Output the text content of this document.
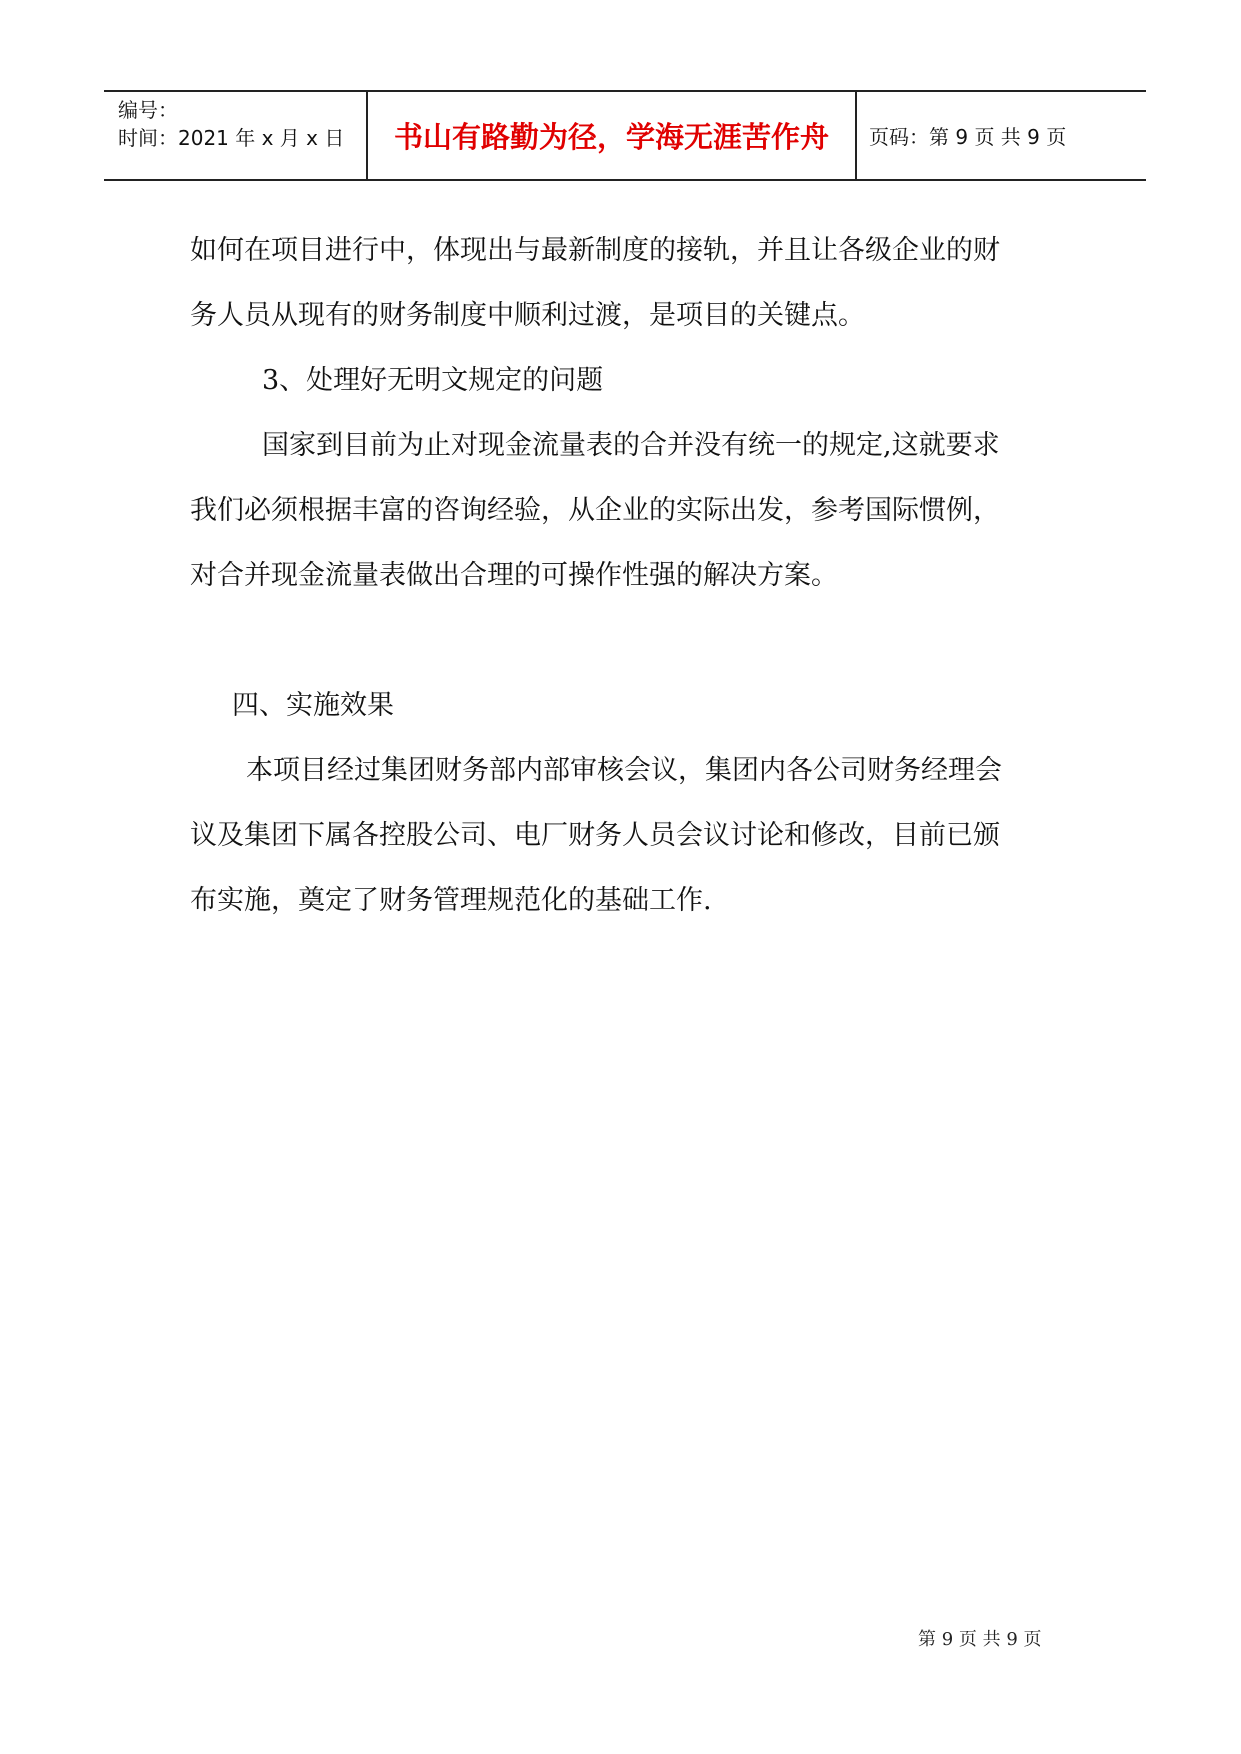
编号：
时间：2021 年 x 月 x 日	书山有路勤为径，学海无涯苦作舟	页码：第 9 页 共 9 页

如何在项目进行中，体现出与最新制度的接轨，并且让各级企业的财

务人员从现有的财务制度中顺利过渡，是项目的关键点。

3、处理好无明文规定的问题

国家到目前为止对现金流量表的合并没有统一的规定,这就要求

我们必须根据丰富的咨询经验，从企业的实际出发，参考国际惯例，

对合并现金流量表做出合理的可操作性强的解决方案。

四、实施效果

本项目经过集团财务部内部审核会议，集团内各公司财务经理会

议及集团下属各控股公司、电厂财务人员会议讨论和修改，目前已颁

布实施，奠定了财务管理规范化的基础工作.

第 9 页 共 9 页
